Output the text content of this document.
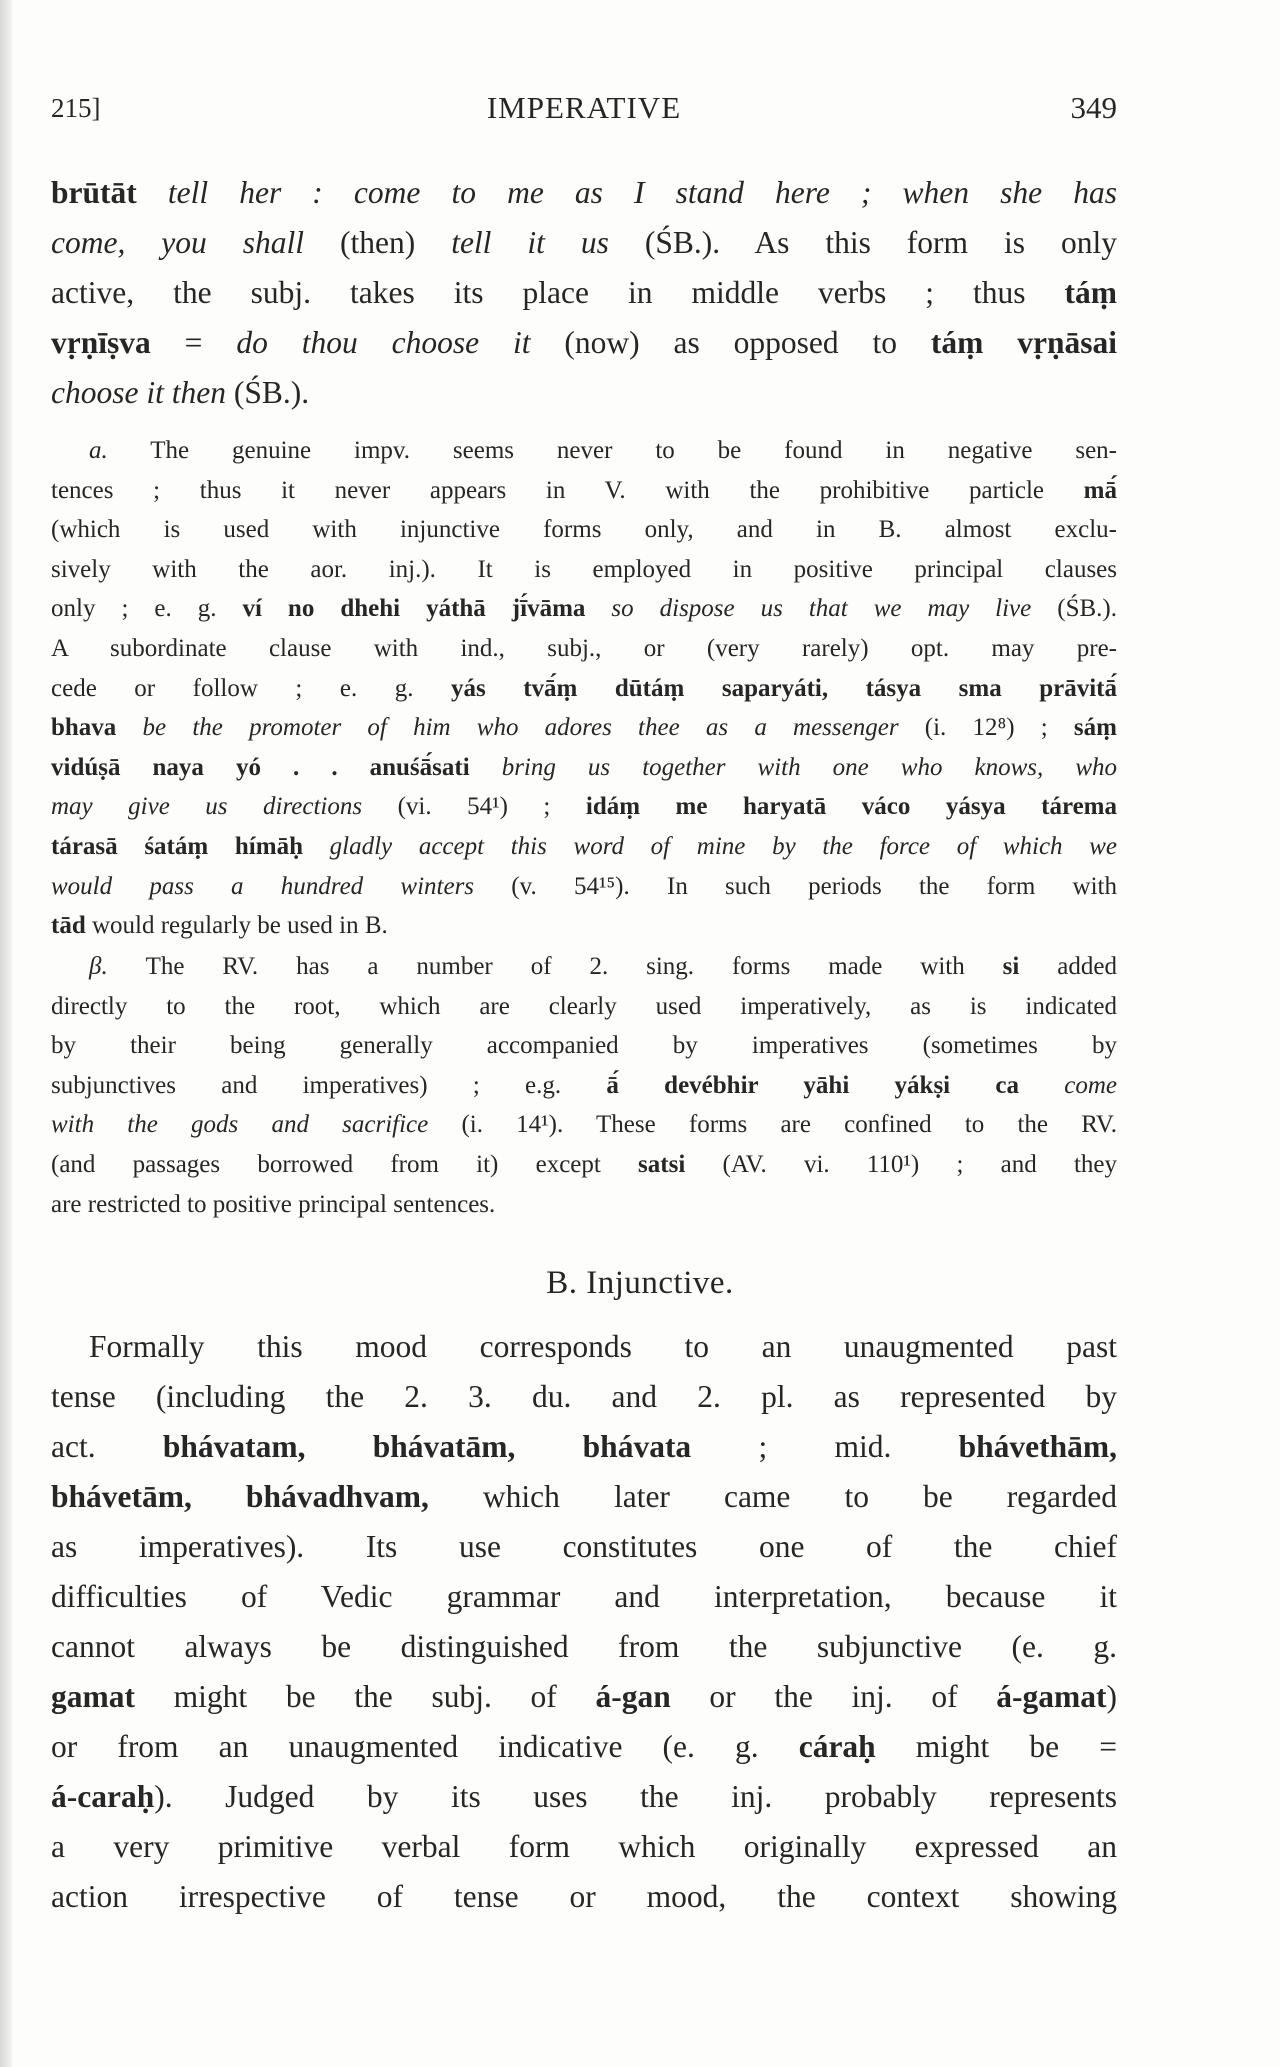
215]	IMPERATIVE	349
brūtāt tell her : come to me as I stand here ; when she has
come, you shall (then) tell it us (ŚB.). As this form is only
active, the subj. takes its place in middle verbs ; thus táṃ
vṛṇīṣva = do thou choose it (now) as opposed to táṃ vṛṇāsai
choose it then (ŚB.).
a. The genuine impv. seems never to be found in negative sen-
tences ; thus it never appears in V. with the prohibitive particle mā́
(which is used with injunctive forms only, and in B. almost exclu-
sively with the aor. inj.). It is employed in positive principal clauses
only ; e. g. ví no dhehi yáthā jī́vāma so dispose us that we may live (ŚB.).
A subordinate clause with ind., subj., or (very rarely) opt. may pre-
cede or follow ; e. g. yás tvā́ṃ dūtáṃ saparyáti, tásya sma prāvitā́
bhava be the promoter of him who adores thee as a messenger (i. 12⁸) ; sáṃ
vidúṣā naya yó . . anuśā́sati bring us together with one who knows, who
may give us directions (vi. 54¹) ; idáṃ me haryatā váco yásya tárema
tárasā śatáṃ hímāḥ gladly accept this word of mine by the force of which we
would pass a hundred winters (v. 54¹⁵). In such periods the form with
tād would regularly be used in B.
β. The RV. has a number of 2. sing. forms made with si added
directly to the root, which are clearly used imperatively, as is indicated
by their being generally accompanied by imperatives (sometimes by
subjunctives and imperatives) ; e.g. ā́ devébhir yāhi yákṣi ca come
with the gods and sacrifice (i. 14¹). These forms are confined to the RV.
(and passages borrowed from it) except satsi (AV. vi. 110¹) ; and they
are restricted to positive principal sentences.
B. Injunctive.
Formally this mood corresponds to an unaugmented past
tense (including the 2. 3. du. and 2. pl. as represented by
act. bhávatam, bhávatām, bhávata ; mid. bhávethām,
bhávetām, bhávadhvam, which later came to be regarded
as imperatives). Its use constitutes one of the chief
difficulties of Vedic grammar and interpretation, because it
cannot always be distinguished from the subjunctive (e. g.
gamat might be the subj. of á-gan or the inj. of á-gamat)
or from an unaugmented indicative (e. g. cáraḥ might be =
á-caraḥ). Judged by its uses the inj. probably represents
a very primitive verbal form which originally expressed an
action irrespective of tense or mood, the context showing
